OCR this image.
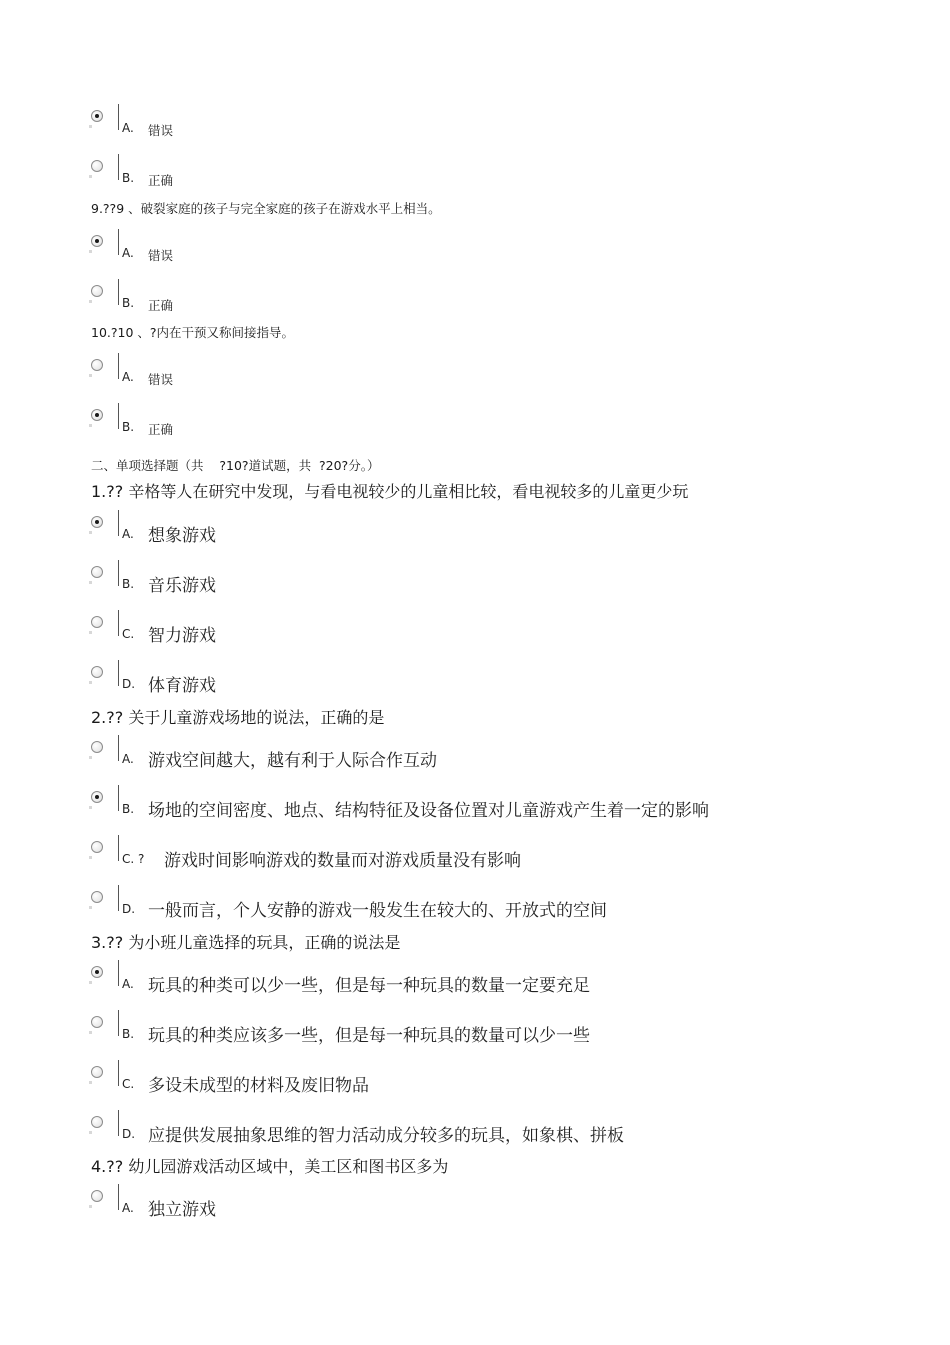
A. 错误
B. 正确
9.??9 、破裂家庭的孩子与完全家庭的孩子在游戏水平上相当。
A. 错误
B. 正确
10.?10 、?内在干预又称间接指导。
A. 错误
B. 正确
二、单项选择题（共    ?10?道试题，共  ?20?分。）
1.?? 辛格等人在研究中发现，与看电视较少的儿童相比较，看电视较多的儿童更少玩
A. 想象游戏
B. 音乐游戏
C. 智力游戏
D. 体育游戏
2.?? 关于儿童游戏场地的说法，正确的是
A. 游戏空间越大，越有利于人际合作互动
B. 场地的空间密度、地点、结构特征及设备位置对儿童游戏产生着一定的影响
C. ? 游戏时间影响游戏的数量而对游戏质量没有影响
D. 一般而言，个人安静的游戏一般发生在较大的、开放式的空间
3.?? 为小班儿童选择的玩具，正确的说法是
A. 玩具的种类可以少一些，但是每一种玩具的数量一定要充足
B. 玩具的种类应该多一些，但是每一种玩具的数量可以少一些
C. 多设未成型的材料及废旧物品
D. 应提供发展抽象思维的智力活动成分较多的玩具，如象棋、拼板
4.?? 幼儿园游戏活动区域中，美工区和图书区多为
A. 独立游戏
